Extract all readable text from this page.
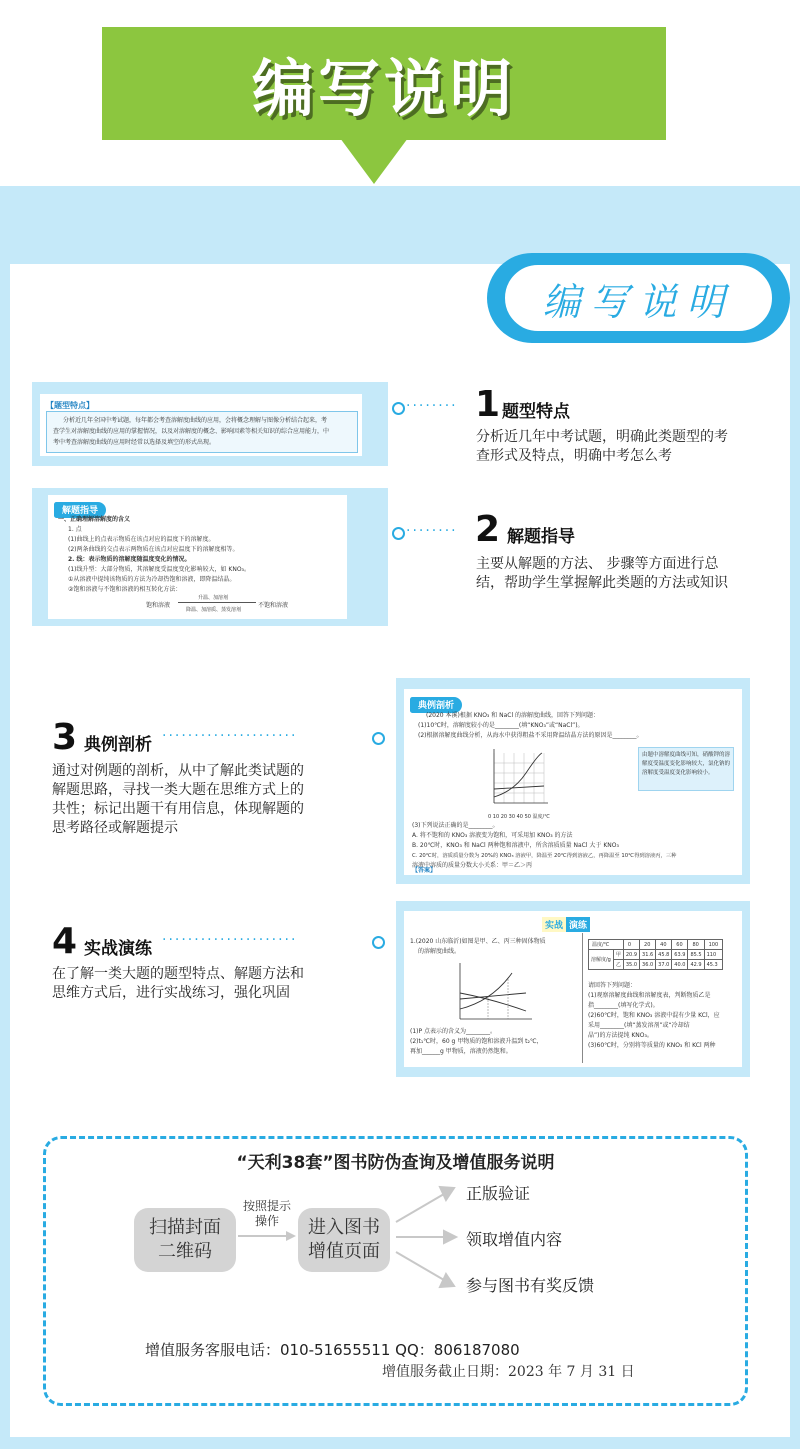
编写说明
编写说明
【题型特点】
分析近几年全国中考试题，每年都会考查溶解度曲线的应用，会将概念理解与图像分析结合起来，考
查学生对溶解度曲线的应用的掌握情况，以及对溶解度的概念、影响因素等相关知识的综合应用能力，中
考中考查溶解度曲线的应用时经常以选择及填空的形式出现。
········ 1 题型特点
分析近几年中考试题，明确此类题型的考查形式及特点，明确中考怎么考
解题指导
一、正确理解溶解度的含义
1. 点
(1)曲线上的点表示物质在该点对应的温度下的溶解度。
(2)两条曲线的交点表示两物质在该点对应温度下的溶解度相等。
2. 线：表示物质的溶解度随温度变化的情况。
(1)线升型：大部分物质，其溶解度受温度变化影响较大，如 KNO₃。
①从溶液中提纯该物质的方法为冷却热饱和溶液，即降温结晶。
②饱和溶液与不饱和溶液的相互转化方法：
饱和溶液
升温、加溶剂
降温、加溶质、蒸发溶剂
不饱和溶液
········ 2 解题指导
主要从解题的方法、 步骤等方面进行总结，帮助学生掌握解此类题的方法或知识
3 典例剖析 ·····················
通过对例题的剖析，从中了解此类试题的解题思路，寻找一类大题在思维方式上的共性；标记出题干有用信息，体现解题的思考路径或解题提示
典例剖析
(2020 本溪)根据 KNO₃ 和 NaCl 的溶解度曲线，回答下列问题：
(1)10℃时，溶解度较小的是________(填“KNO₃”或“NaCl”)。
(2)根据溶解度曲线分析，从海水中获得粗盐不采用降温结晶方法的原因是________。
0 10 20 30 40 50 温度/℃
由题中溶解度曲线可知，硝酸钾的溶解度受温度变化影响较大，氯化钠的溶解度受温度变化影响较小。
(3)下列说法正确的是________。
A. 将不饱和的 KNO₃ 溶液变为饱和，可采用加 KNO₃ 的方法
B. 20℃时，KNO₃ 和 NaCl 两种饱和溶液中，所含溶质质量 NaCl 大于 KNO₃
C. 20℃时，溶质质量分数为 20%的 KNO₃ 溶液甲，降温至 20℃得到溶液乙，再降温至 10℃得到溶液丙，三种
溶液中溶质的质量分数大小关系：甲＝乙＞丙
【答案】
4 实战演练 ·····················
在了解一类大题的题型特点、解题方法和思维方式后，进行实战练习，强化巩固
实战 演练
1.(2020 山东临沂)如图是甲、乙、丙三种固体物质
的溶解度曲线。
(1)P 点表示的含义为________。
(2)t₁℃时，60 g 甲物质的饱和溶液升温到 t₂℃，
再加______g 甲物质，溶液仍然饱和。
温度/℃		0	20	40	60	80	100
溶解度/g	甲	20.9	31.6	45.8	63.9	85.5	110
	乙	35.0	36.0	37.0	40.0	42.9	45.3
请回答下列问题：
(1)观察溶解度曲线和溶解度表，判断物质乙是
指________(填写化学式)。
(2)60℃时，饱和 KNO₃ 溶液中混有少量 KCl，应
采用________(填“蒸发溶剂”或“冷却结
晶”)的方法提纯 KNO₃。
(3)60℃时，分别将等质量的 KNO₃ 和 KCl 两种
“天利38套”图书防伪查询及增值服务说明
扫描封面
二维码
按照提示
操作	进入图书
增值页面
正版验证
领取增值内容
参与图书有奖反馈
增值服务客服电话：010-51655511 QQ：806187080
增值服务截止日期：2023 年 7 月 31 日
